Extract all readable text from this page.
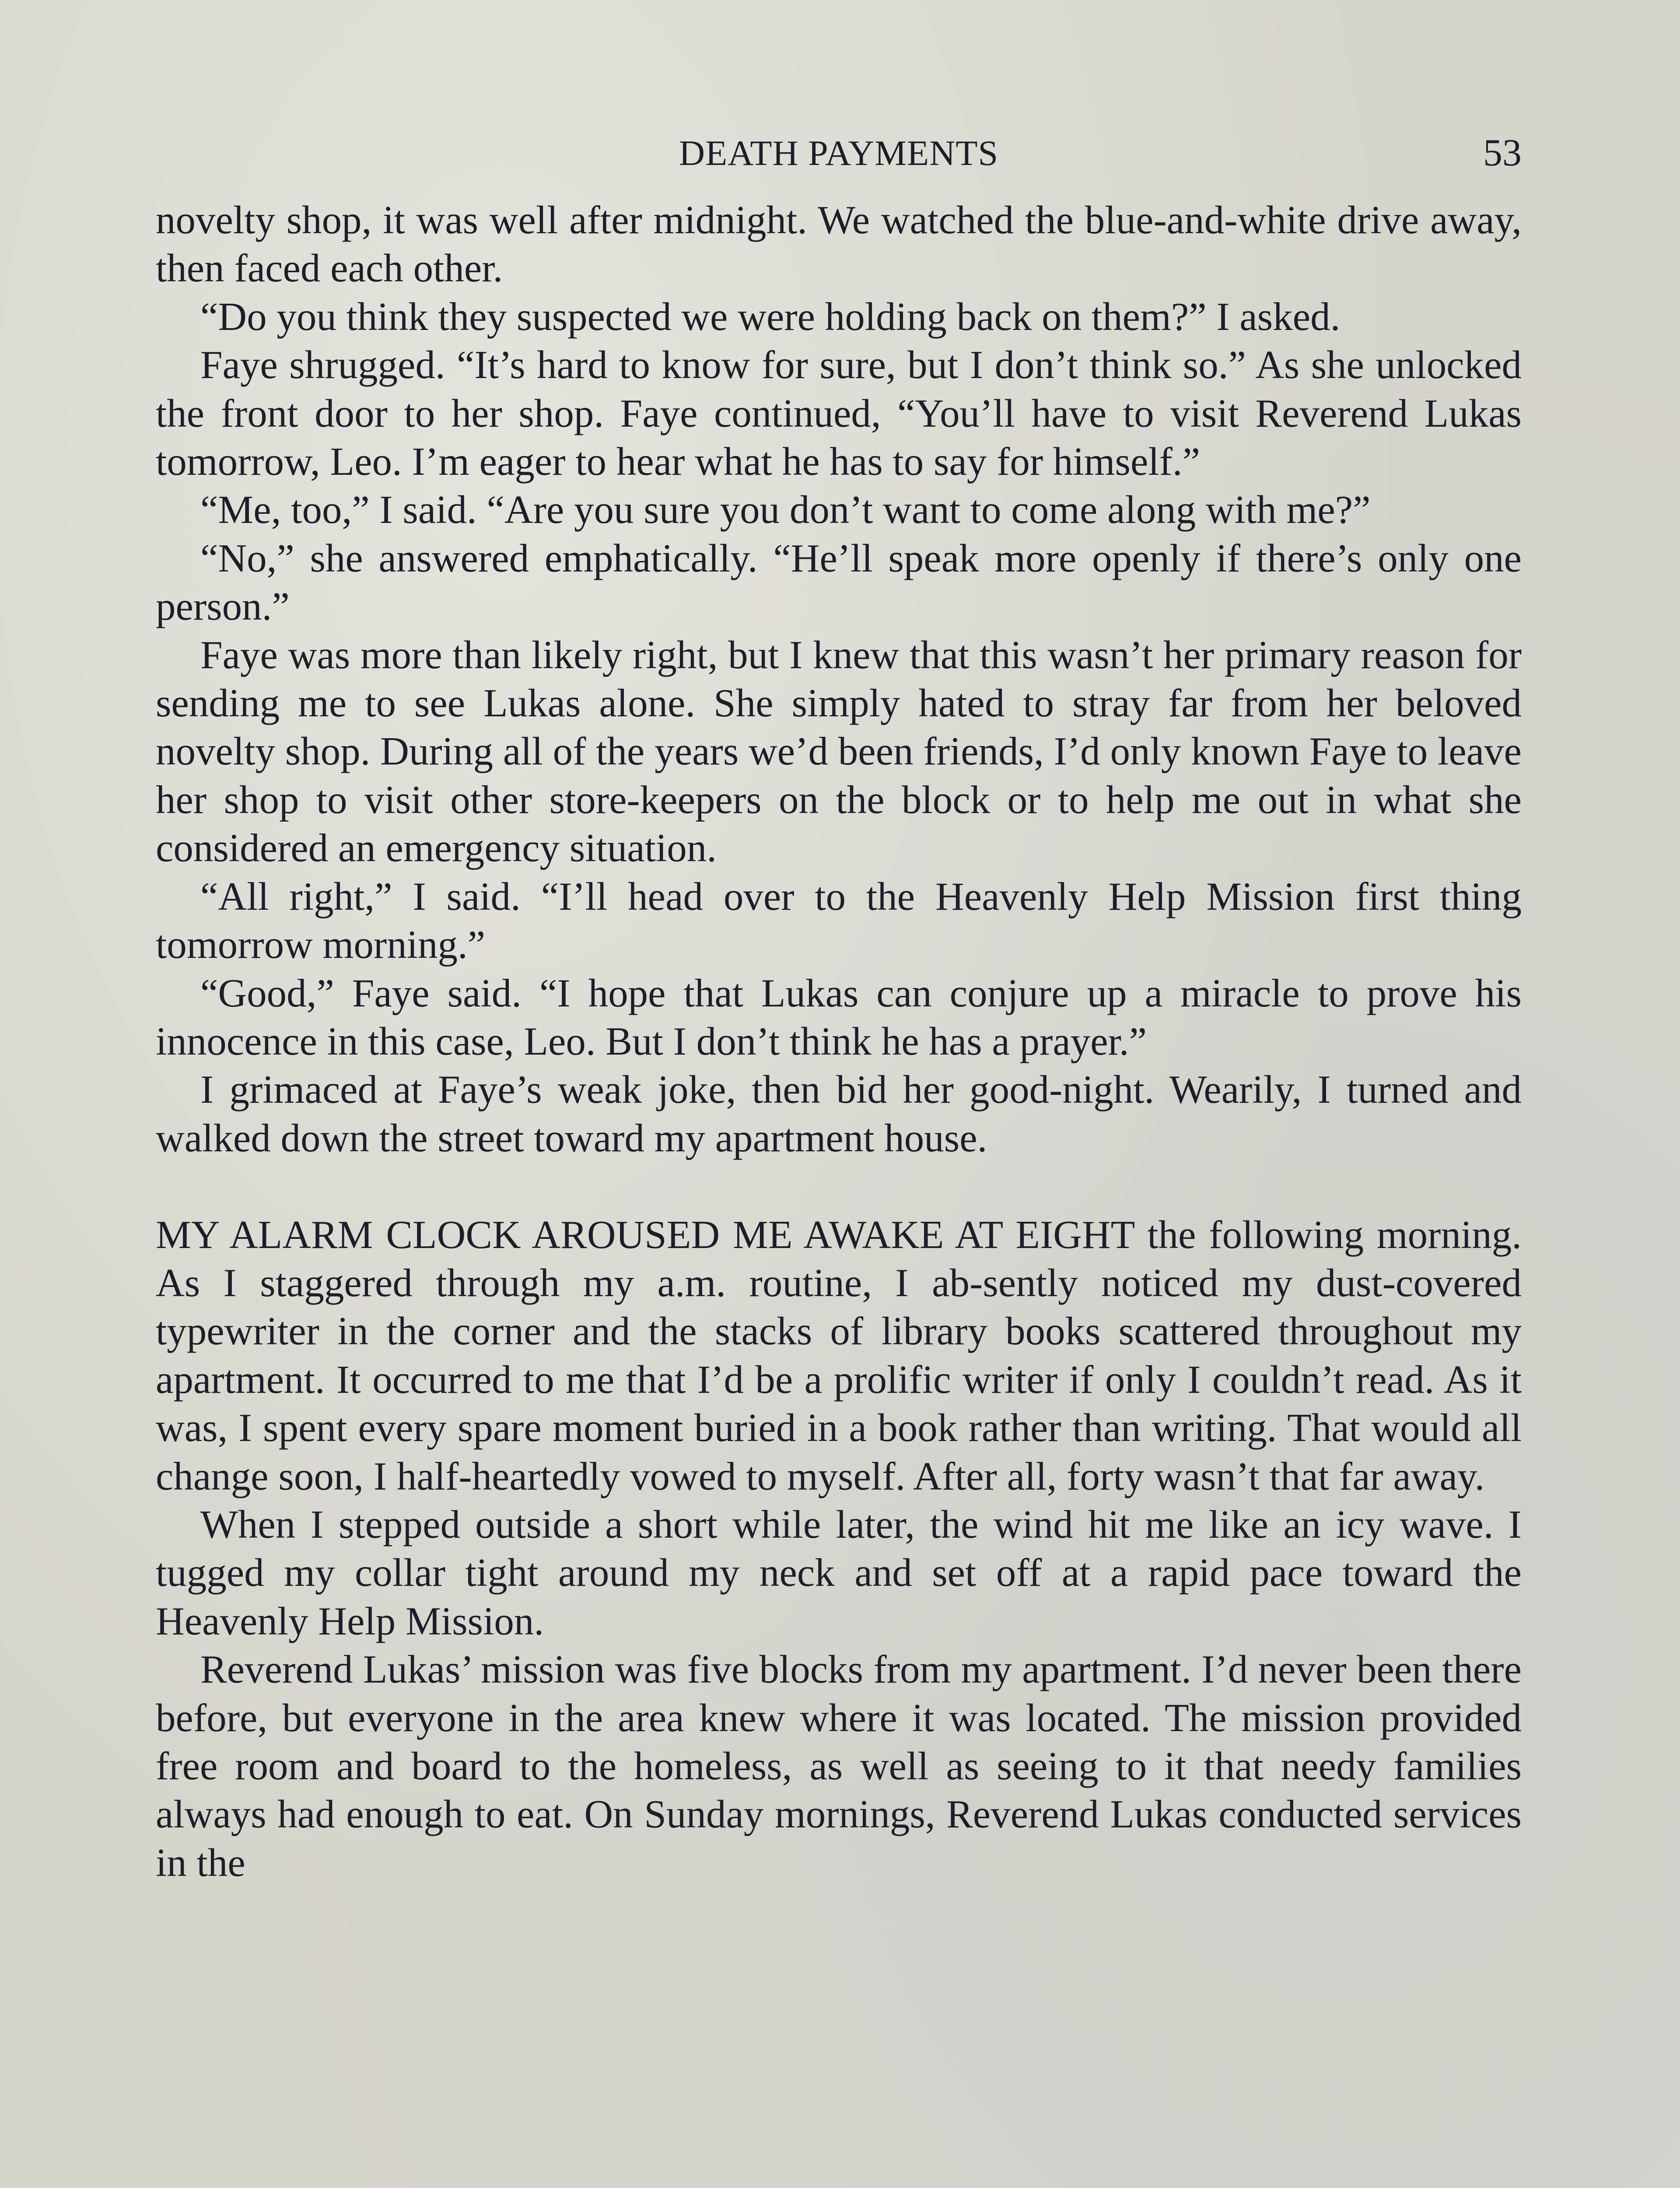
DEATH PAYMENTS	53

novelty shop, it was well after midnight. We watched the blue-and-white drive away, then faced each other.

“Do you think they suspected we were holding back on them?” I asked.

Faye shrugged. “It’s hard to know for sure, but I don’t think so.” As she unlocked the front door to her shop. Faye continued, “You’ll have to visit Reverend Lukas tomorrow, Leo. I’m eager to hear what he has to say for himself.”

“Me, too,” I said. “Are you sure you don’t want to come along with me?”

“No,” she answered emphatically. “He’ll speak more openly if there’s only one person.”

Faye was more than likely right, but I knew that this wasn’t her primary reason for sending me to see Lukas alone. She simply hated to stray far from her beloved novelty shop. During all of the years we’d been friends, I’d only known Faye to leave her shop to visit other store-keepers on the block or to help me out in what she considered an emergency situation.

“All right,” I said. “I’ll head over to the Heavenly Help Mission first thing tomorrow morning.”

“Good,” Faye said. “I hope that Lukas can conjure up a miracle to prove his innocence in this case, Leo. But I don’t think he has a prayer.”

I grimaced at Faye’s weak joke, then bid her good-night. Wearily, I turned and walked down the street toward my apartment house.

MY ALARM CLOCK AROUSED ME AWAKE AT EIGHT the following morning. As I staggered through my a.m. routine, I ab-sently noticed my dust-covered typewriter in the corner and the stacks of library books scattered throughout my apartment. It occurred to me that I’d be a prolific writer if only I couldn’t read. As it was, I spent every spare moment buried in a book rather than writing. That would all change soon, I half-heartedly vowed to myself. After all, forty wasn’t that far away.

When I stepped outside a short while later, the wind hit me like an icy wave. I tugged my collar tight around my neck and set off at a rapid pace toward the Heavenly Help Mission.

Reverend Lukas’ mission was five blocks from my apartment. I’d never been there before, but everyone in the area knew where it was located. The mission provided free room and board to the homeless, as well as seeing to it that needy families always had enough to eat. On Sunday mornings, Reverend Lukas conducted services in the
